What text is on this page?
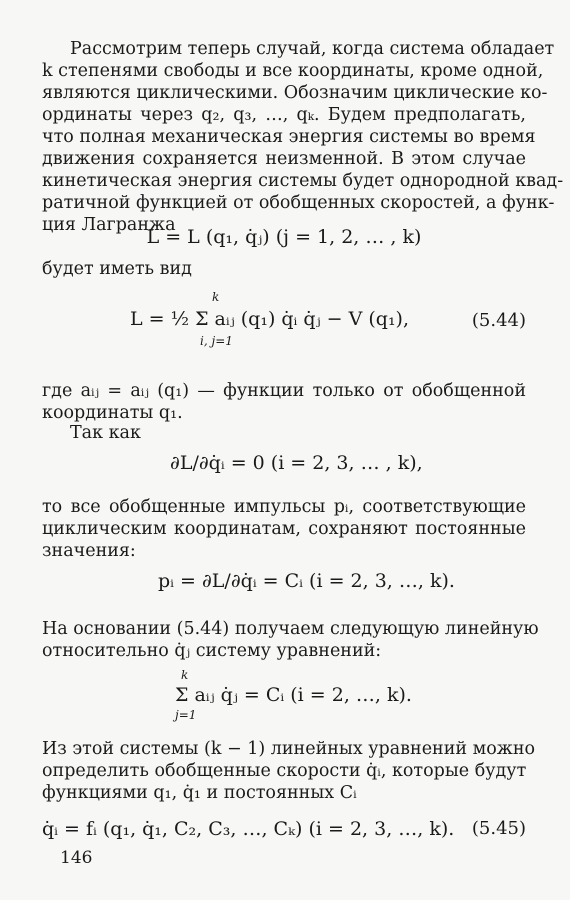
Рассмотрим теперь случай, когда система обладает
k степенями свободы и все координаты, кроме одной,
являются циклическими. Обозначим циклические ко-
ординаты через q₂, q₃, …, qₖ. Будем предполагать,
что полная механическая энергия системы во время
движения сохраняется неизменной. В этом случае
кинетическая энергия системы будет однородной квад-
ратичной функцией от обобщенных скоростей, а функ-
ция Лагранжа
L = L (q₁, q̇ⱼ) (j = 1, 2, … , k)
будет иметь вид
k
L = ½ Σ aᵢⱼ (q₁) q̇ᵢ q̇ⱼ − V (q₁),
i, j=1
(5.44)
где aᵢⱼ = aᵢⱼ (q₁) — функции только от обобщенной
координаты q₁.
Так как
∂L/∂q̇ᵢ = 0 (i = 2, 3, … , k),
то все обобщенные импульсы pᵢ, соответствующие
циклическим координатам, сохраняют постоянные
значения:
pᵢ = ∂L/∂q̇ᵢ = Cᵢ (i = 2, 3, …, k).
На основании (5.44) получаем следующую линейную
относительно q̇ⱼ систему уравнений:
k
Σ aᵢⱼ q̇ⱼ = Cᵢ (i = 2, …, k).
j=1
Из этой системы (k − 1) линейных уравнений можно
определить обобщенные скорости q̇ᵢ, которые будут
функциями q₁, q̇₁ и постоянных Cᵢ
q̇ᵢ = fᵢ (q₁, q̇₁, C₂, C₃, …, Cₖ) (i = 2, 3, …, k). (5.45)
146
